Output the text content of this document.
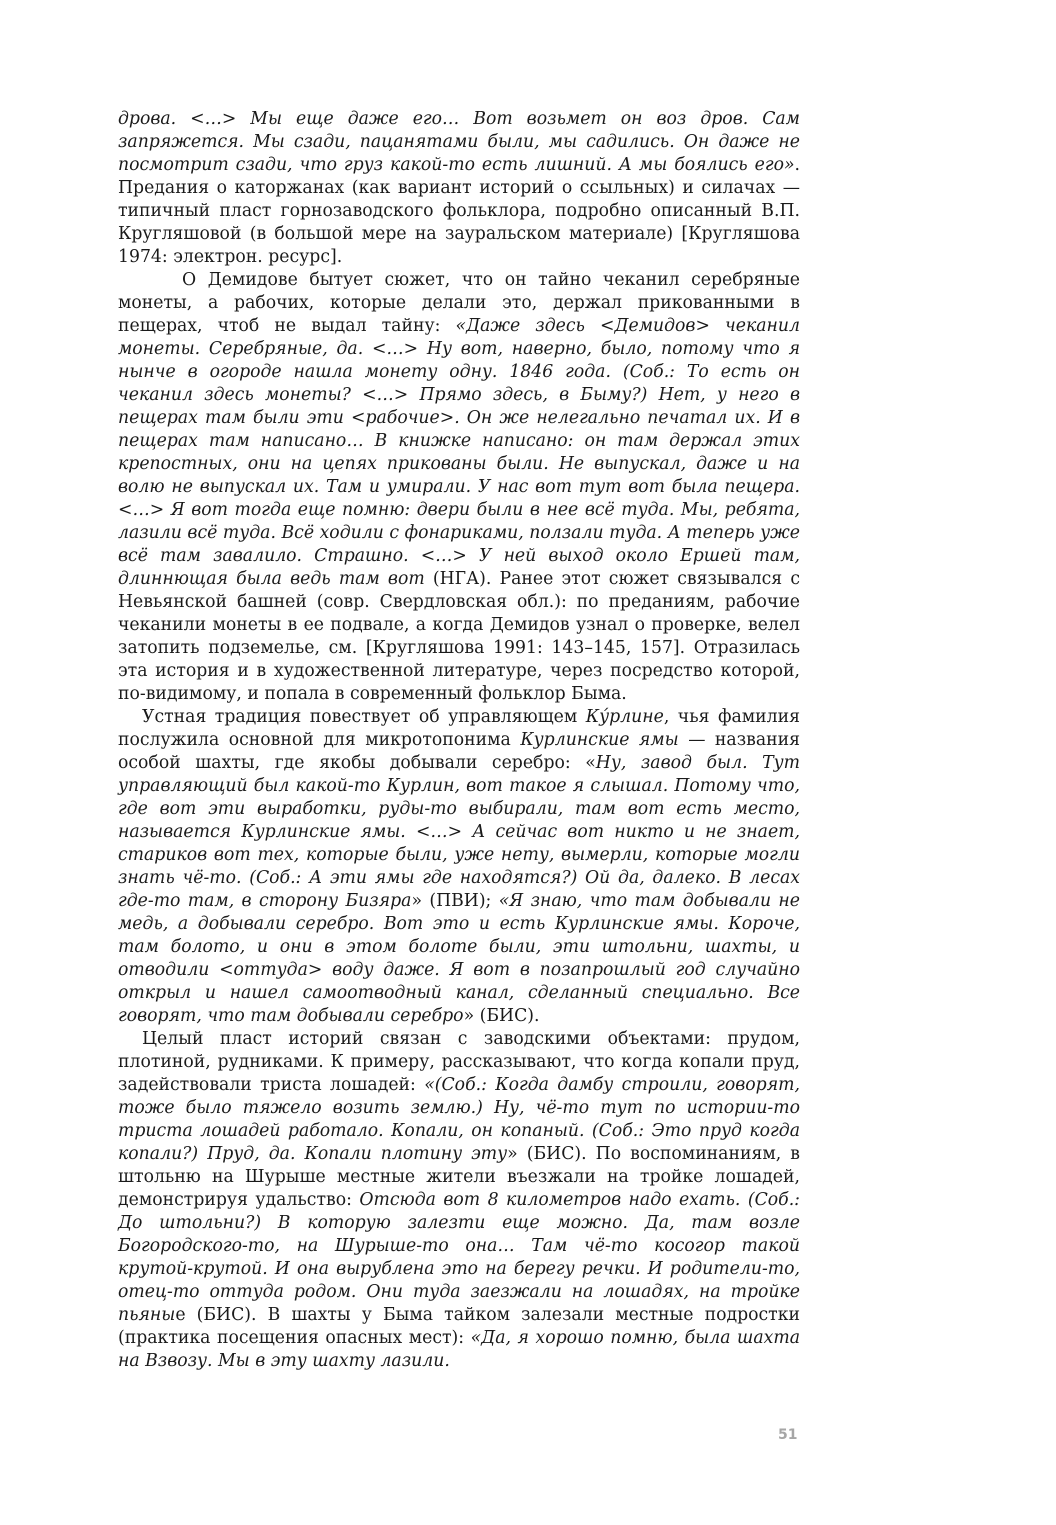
дрова. <…> Мы еще даже его… Вот возьмет он воз дров. Сам запряжется. Мы сзади, пацанятами были, мы садились. Он даже не посмотрит сзади, что груз какой-то есть лишний. А мы боялись его». Предания о каторжанах (как вариант историй о ссыльных) и силачах — типичный пласт горнозаводского фольклора, подробно описанный В.П. Кругляшовой (в большой мере на зауральском материале) [Кругляшова 1974: электрон. ресурс].

О Демидове бытует сюжет, что он тайно чеканил серебряные монеты, а рабочих, которые делали это, держал прикованными в пещерах, чтоб не выдал тайну: «Даже здесь <Демидов> чеканил монеты. Серебряные, да. <…> Ну вот, наверно, было, потому что я нынче в огороде нашла монету одну. 1846 года. (Соб.: То есть он чеканил здесь монеты? <…> Прямо здесь, в Быму?) Нет, у него в пещерах там были эти <рабочие>. Он же нелегально печатал их. И в пещерах там написано… В книжке написано: он там держал этих крепостных, они на цепях прикованы были. Не выпускал, даже и на волю не выпускал их. Там и умирали. У нас вот тут вот была пещера. <…> Я вот тогда еще помню: двери были в нее всё туда. Мы, ребята, лазили всё туда. Всё ходили с фонариками, ползали туда. А теперь уже всё там завалило. Страшно. <…> У ней выход около Ершей там, длиннющая была ведь там вот (НГА). Ранее этот сюжет связывался с Невьянской башней (совр. Свердловская обл.): по преданиям, рабочие чеканили монеты в ее подвале, а когда Демидов узнал о проверке, велел затопить подземелье, см. [Кругляшова 1991: 143–145, 157]. Отразилась эта история и в художественной литературе, через посредство которой, по-видимому, и попала в современный фольклор Быма.

Устная традиция повествует об управляющем Ку́рлине, чья фамилия послужила основной для микротопонима Курлинские ямы — названия особой шахты, где якобы добывали серебро: «Ну, завод был. Тут управляющий был какой-то Курлин, вот такое я слышал. Потому что, где вот эти выработки, руды-то выбирали, там вот есть место, называется Курлинские ямы. <…> А сейчас вот никто и не знает, стариков вот тех, которые были, уже нету, вымерли, которые могли знать чё-то. (Соб.: А эти ямы где находятся?) Ой да, далеко. В лесах где-то там, в сторону Бизяра» (ПВИ); «Я знаю, что там добывали не медь, а добывали серебро. Вот это и есть Курлинские ямы. Короче, там болото, и они в этом болоте были, эти штольни, шахты, и отводили <оттуда> воду даже. Я вот в позапрошлый год случайно открыл и нашел самоотводный канал, сделанный специально. Все говорят, что там добывали серебро» (БИС).

Целый пласт историй связан с заводскими объектами: прудом, плотиной, рудниками. К примеру, рассказывают, что когда копали пруд, задействовали триста лошадей: «(Соб.: Когда дамбу строили, говорят, тоже было тяжело возить землю.) Ну, чё-то тут по истории-то триста лошадей работало. Копали, он копаный. (Соб.: Это пруд когда копали?) Пруд, да. Копали плотину эту» (БИС). По воспоминаниям, в штольню на Шурыше местные жители въезжали на тройке лошадей, демонстрируя удальство: Отсюда вот 8 километров надо ехать. (Соб.: До штольни?) В которую залезти еще можно. Да, там возле Богородского-то, на Шурыше-то она… Там чё-то косогор такой крутой-крутой. И она вырублена это на берегу речки. И родители-то, отец-то оттуда родом. Они туда заезжали на лошадях, на тройке пьяные (БИС). В шахты у Быма тайком залезали местные подростки (практика посещения опасных мест): «Да, я хорошо помню, была шахта на Взвозу. Мы в эту шахту лазили.

51
